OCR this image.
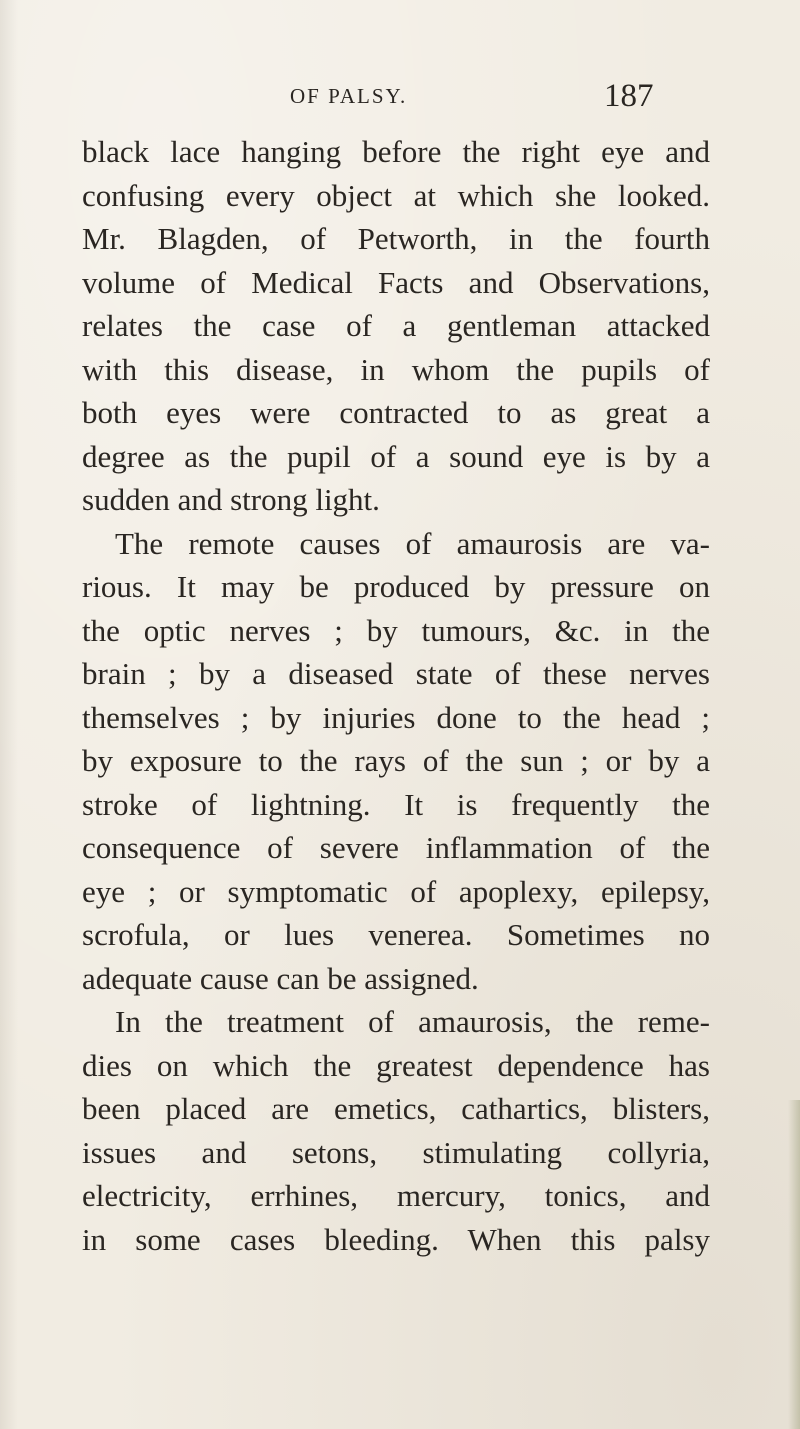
OF PALSY.	187
black lace hanging before the right eye and
confusing every object at which she looked.
Mr. Blagden, of Petworth, in the fourth
volume of Medical Facts and Observations,
relates the case of a gentleman attacked
with this disease, in whom the pupils of
both eyes were contracted to as great a
degree as the pupil of a sound eye is by a
sudden and strong light.
The remote causes of amaurosis are va-
rious. It may be produced by pressure on
the optic nerves ; by tumours, &c. in the
brain ; by a diseased state of these nerves
themselves ; by injuries done to the head ;
by exposure to the rays of the sun ; or by a
stroke of lightning. It is frequently the
consequence of severe inflammation of the
eye ; or symptomatic of apoplexy, epilepsy,
scrofula, or lues venerea. Sometimes no
adequate cause can be assigned.
In the treatment of amaurosis, the reme-
dies on which the greatest dependence has
been placed are emetics, cathartics, blisters,
issues and setons, stimulating collyria,
electricity, errhines, mercury, tonics, and
in some cases bleeding. When this palsy
